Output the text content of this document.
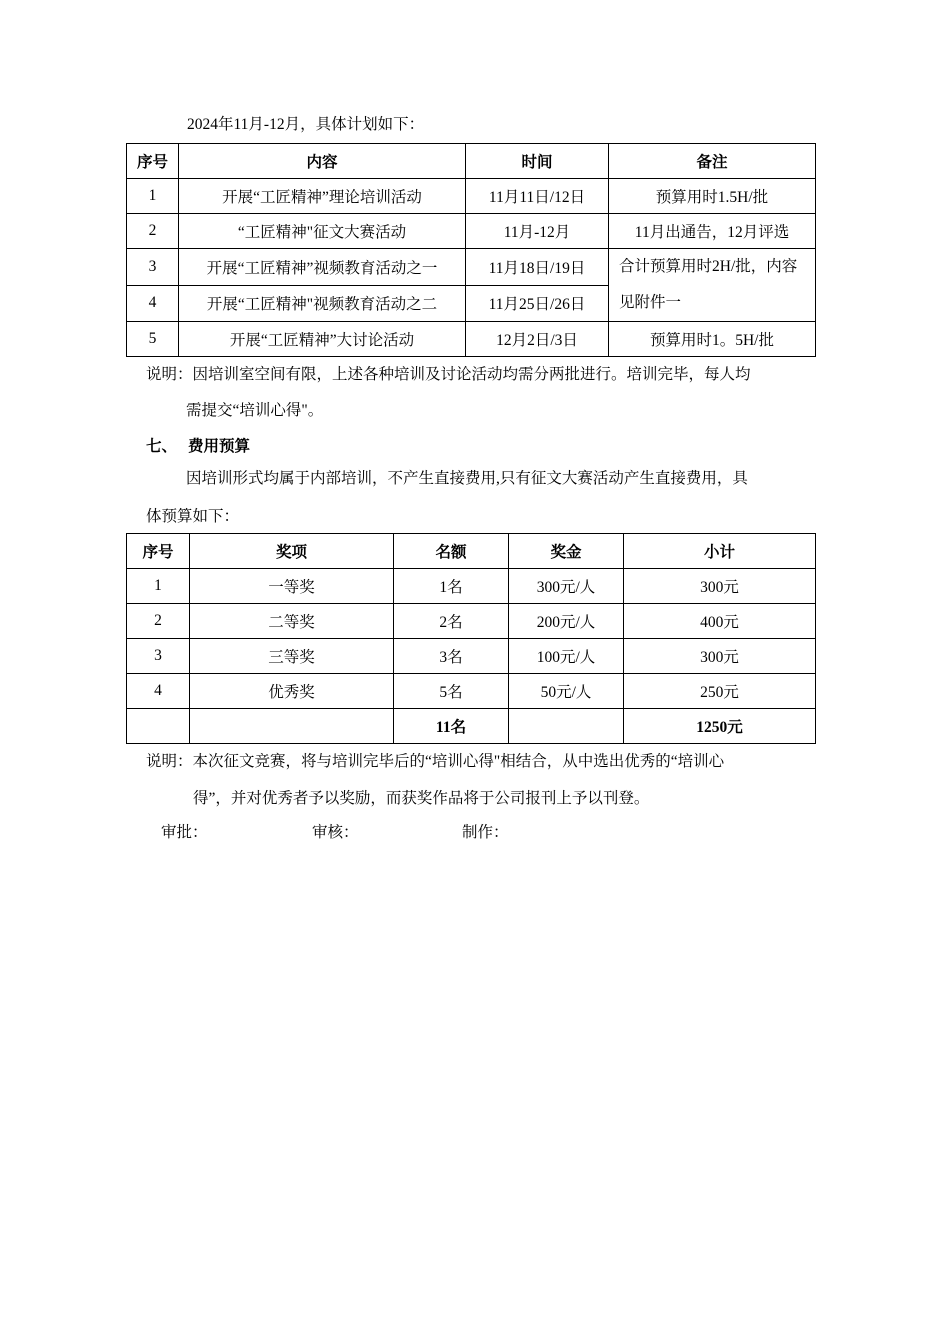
2024年11月-12月，具体计划如下：
序号	内容	时间	备注
1	开展“工匠精神”理论培训活动	11月11日/12日	预算用时1.5H/批
2	“工匠精神"征文大赛活动	11月-12月	11月出通告，12月评选
3	开展“工匠精神”视频教育活动之一	11月18日/19日	合计预算用时2H/批，内容见附件一
4	开展“工匠精神"视频教育活动之二	11月25日/26日	
5	开展“工匠精神”大讨论活动	12月2日/3日	预算用时1。5H/批
说明：因培训室空间有限，上述各种培训及讨论活动均需分两批进行。培训完毕，每人均
需提交“培训心得"。
七、 费用预算
因培训形式均属于内部培训，不产生直接费用,只有征文大赛活动产生直接费用，具
体预算如下：
序号	奖项	名额	奖金	小计
1	一等奖	1名	300元/人	300元
2	二等奖	2名	200元/人	400元
3	三等奖	3名	100元/人	300元
4	优秀奖	5名	50元/人	250元
		11名		1250元
说明：本次征文竞赛，将与培训完毕后的“培训心得"相结合，从中选出优秀的“培训心
得”，并对优秀者予以奖励，而获奖作品将于公司报刊上予以刊登。
审批：	审核：	制作：
